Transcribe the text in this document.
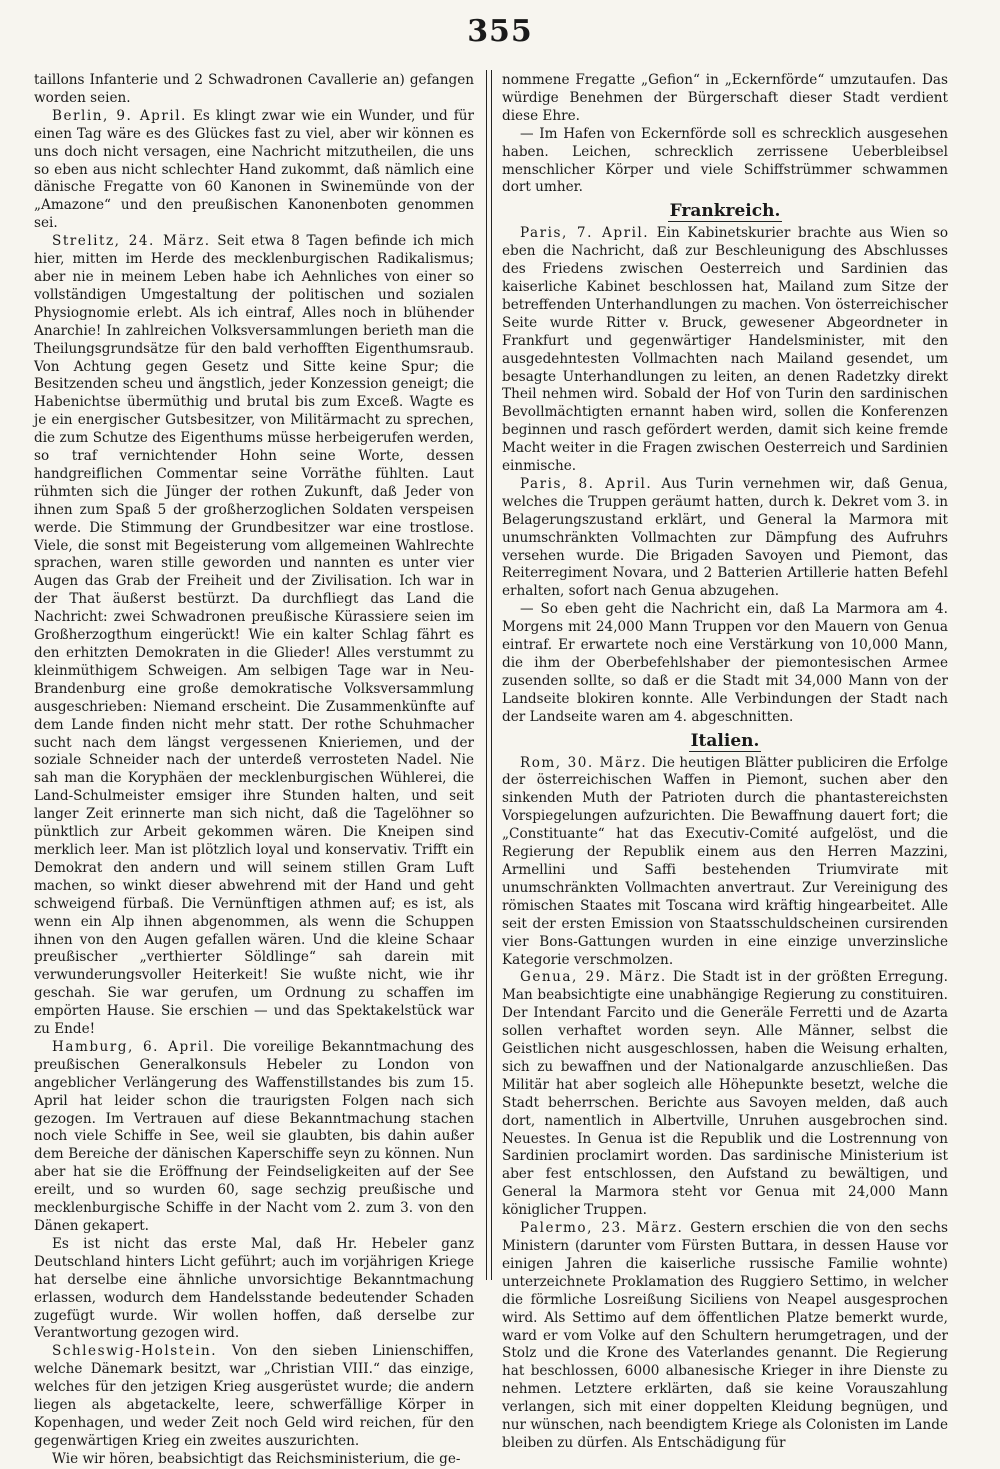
355

taillons Infanterie und 2 Schwadronen Cavallerie an) gefangen worden seien.

Berlin, 9. April. Es klingt zwar wie ein Wunder, und für einen Tag wäre es des Glückes fast zu viel, aber wir können es uns doch nicht versagen, eine Nachricht mitzutheilen, die uns so eben aus nicht schlechter Hand zukommt, daß nämlich eine dänische Fregatte von 60 Kanonen in Swinemünde von der „Amazone“ und den preußischen Kanonenboten genommen sei.

Strelitz, 24. März. Seit etwa 8 Tagen befinde ich mich hier, mitten im Herde des mecklenburgischen Radikalismus; aber nie in meinem Leben habe ich Aehnliches von einer so vollständigen Umgestaltung der politischen und sozialen Physiognomie erlebt. Als ich eintraf, Alles noch in blühender Anarchie! In zahlreichen Volksversammlungen berieth man die Theilungsgrundsätze für den bald verhofften Eigenthumsraub. Von Achtung gegen Gesetz und Sitte keine Spur; die Besitzenden scheu und ängstlich, jeder Konzession geneigt; die Habenichtse übermüthig und brutal bis zum Exceß. Wagte es je ein energischer Gutsbesitzer, von Militärmacht zu sprechen, die zum Schutze des Eigenthums müsse herbeigerufen werden, so traf vernichtender Hohn seine Worte, dessen handgreiflichen Commentar seine Vorräthe fühlten. Laut rühmten sich die Jünger der rothen Zukunft, daß Jeder von ihnen zum Spaß 5 der großherzoglichen Soldaten verspeisen werde. Die Stimmung der Grundbesitzer war eine trostlose. Viele, die sonst mit Begeisterung vom allgemeinen Wahlrechte sprachen, waren stille geworden und nannten es unter vier Augen das Grab der Freiheit und der Zivilisation. Ich war in der That äußerst bestürzt. Da durchfliegt das Land die Nachricht: zwei Schwadronen preußische Kürassiere seien im Großherzogthum eingerückt! Wie ein kalter Schlag fährt es den erhitzten Demokraten in die Glieder! Alles verstummt zu kleinmüthigem Schweigen. Am selbigen Tage war in Neu-Brandenburg eine große demokratische Volksversammlung ausgeschrieben: Niemand erscheint. Die Zusammenkünfte auf dem Lande finden nicht mehr statt. Der rothe Schuhmacher sucht nach dem längst vergessenen Knieriemen, und der soziale Schneider nach der unterdeß verrosteten Nadel. Nie sah man die Koryphäen der mecklenburgischen Wühlerei, die Land-Schulmeister emsiger ihre Stunden halten, und seit langer Zeit erinnerte man sich nicht, daß die Tagelöhner so pünktlich zur Arbeit gekommen wären. Die Kneipen sind merklich leer. Man ist plötzlich loyal und konservativ. Trifft ein Demokrat den andern und will seinem stillen Gram Luft machen, so winkt dieser abwehrend mit der Hand und geht schweigend fürbaß. Die Vernünftigen athmen auf; es ist, als wenn ein Alp ihnen abgenommen, als wenn die Schuppen ihnen von den Augen gefallen wären. Und die kleine Schaar preußischer „verthierter Söldlinge“ sah darein mit verwunderungsvoller Heiterkeit! Sie wußte nicht, wie ihr geschah. Sie war gerufen, um Ordnung zu schaffen im empörten Hause. Sie erschien — und das Spektakelstück war zu Ende!

Hamburg, 6. April. Die voreilige Bekanntmachung des preußischen Generalkonsuls Hebeler zu London von angeblicher Verlängerung des Waffenstillstandes bis zum 15. April hat leider schon die traurigsten Folgen nach sich gezogen. Im Vertrauen auf diese Bekanntmachung stachen noch viele Schiffe in See, weil sie glaubten, bis dahin außer dem Bereiche der dänischen Kaperschiffe seyn zu können. Nun aber hat sie die Eröffnung der Feindseligkeiten auf der See ereilt, und so wurden 60, sage sechzig preußische und mecklenburgische Schiffe in der Nacht vom 2. zum 3. von den Dänen gekapert.

Es ist nicht das erste Mal, daß Hr. Hebeler ganz Deutschland hinters Licht geführt; auch im vorjährigen Kriege hat derselbe eine ähnliche unvorsichtige Bekanntmachung erlassen, wodurch dem Handelsstande bedeutender Schaden zugefügt wurde. Wir wollen hoffen, daß derselbe zur Verantwortung gezogen wird.

Schleswig-Holstein. Von den sieben Linienschiffen, welche Dänemark besitzt, war „Christian VIII.“ das einzige, welches für den jetzigen Krieg ausgerüstet wurde; die andern liegen als abgetackelte, leere, schwerfällige Körper in Kopenhagen, und weder Zeit noch Geld wird reichen, für den gegenwärtigen Krieg ein zweites auszurichten.

Wie wir hören, beabsichtigt das Reichsministerium, die ge-

nommene Fregatte „Gefion“ in „Eckernförde“ umzutaufen. Das würdige Benehmen der Bürgerschaft dieser Stadt verdient diese Ehre.

— Im Hafen von Eckernförde soll es schrecklich ausgesehen haben. Leichen, schrecklich zerrissene Ueberbleibsel menschlicher Körper und viele Schiffstrümmer schwammen dort umher.

Frankreich.

Paris, 7. April. Ein Kabinetskurier brachte aus Wien so eben die Nachricht, daß zur Beschleunigung des Abschlusses des Friedens zwischen Oesterreich und Sardinien das kaiserliche Kabinet beschlossen hat, Mailand zum Sitze der betreffenden Unterhandlungen zu machen. Von österreichischer Seite wurde Ritter v. Bruck, gewesener Abgeordneter in Frankfurt und gegenwärtiger Handelsminister, mit den ausgedehntesten Vollmachten nach Mailand gesendet, um besagte Unterhandlungen zu leiten, an denen Radetzky direkt Theil nehmen wird. Sobald der Hof von Turin den sardinischen Bevollmächtigten ernannt haben wird, sollen die Konferenzen beginnen und rasch gefördert werden, damit sich keine fremde Macht weiter in die Fragen zwischen Oesterreich und Sardinien einmische.

Paris, 8. April. Aus Turin vernehmen wir, daß Genua, welches die Truppen geräumt hatten, durch k. Dekret vom 3. in Belagerungszustand erklärt, und General la Marmora mit unumschränkten Vollmachten zur Dämpfung des Aufruhrs versehen wurde. Die Brigaden Savoyen und Piemont, das Reiterregiment Novara, und 2 Batterien Artillerie hatten Befehl erhalten, sofort nach Genua abzugehen.

— So eben geht die Nachricht ein, daß La Marmora am 4. Morgens mit 24,000 Mann Truppen vor den Mauern von Genua eintraf. Er erwartete noch eine Verstärkung von 10,000 Mann, die ihm der Oberbefehlshaber der piemontesischen Armee zusenden sollte, so daß er die Stadt mit 34,000 Mann von der Landseite blokiren konnte. Alle Verbindungen der Stadt nach der Landseite waren am 4. abgeschnitten.

Italien.

Rom, 30. März. Die heutigen Blätter publiciren die Erfolge der österreichischen Waffen in Piemont, suchen aber den sinkenden Muth der Patrioten durch die phantastereichsten Vorspiegelungen aufzurichten. Die Bewaffnung dauert fort; die „Constituante“ hat das Executiv-Comité aufgelöst, und die Regierung der Republik einem aus den Herren Mazzini, Armellini und Saffi bestehenden Triumvirate mit unumschränkten Vollmachten anvertraut. Zur Vereinigung des römischen Staates mit Toscana wird kräftig hingearbeitet. Alle seit der ersten Emission von Staatsschuldscheinen cursirenden vier Bons-Gattungen wurden in eine einzige unverzinsliche Kategorie verschmolzen.

Genua, 29. März. Die Stadt ist in der größten Erregung. Man beabsichtigte eine unabhängige Regierung zu constituiren. Der Intendant Farcito und die Generäle Ferretti und de Azarta sollen verhaftet worden seyn. Alle Männer, selbst die Geistlichen nicht ausgeschlossen, haben die Weisung erhalten, sich zu bewaffnen und der Nationalgarde anzuschließen. Das Militär hat aber sogleich alle Höhepunkte besetzt, welche die Stadt beherrschen. Berichte aus Savoyen melden, daß auch dort, namentlich in Albertville, Unruhen ausgebrochen sind. Neuestes. In Genua ist die Republik und die Lostrennung von Sardinien proclamirt worden. Das sardinische Ministerium ist aber fest entschlossen, den Aufstand zu bewältigen, und General la Marmora steht vor Genua mit 24,000 Mann königlicher Truppen.

Palermo, 23. März. Gestern erschien die von den sechs Ministern (darunter vom Fürsten Buttara, in dessen Hause vor einigen Jahren die kaiserliche russische Familie wohnte) unterzeichnete Proklamation des Ruggiero Settimo, in welcher die förmliche Losreißung Siciliens von Neapel ausgesprochen wird. Als Settimo auf dem öffentlichen Platze bemerkt wurde, ward er vom Volke auf den Schultern herumgetragen, und der Stolz und die Krone des Vaterlandes genannt. Die Regierung hat beschlossen, 6000 albanesische Krieger in ihre Dienste zu nehmen. Letztere erklärten, daß sie keine Vorauszahlung verlangen, sich mit einer doppelten Kleidung begnügen, und nur wünschen, nach beendigtem Kriege als Colonisten im Lande bleiben zu dürfen. Als Entschädigung für
